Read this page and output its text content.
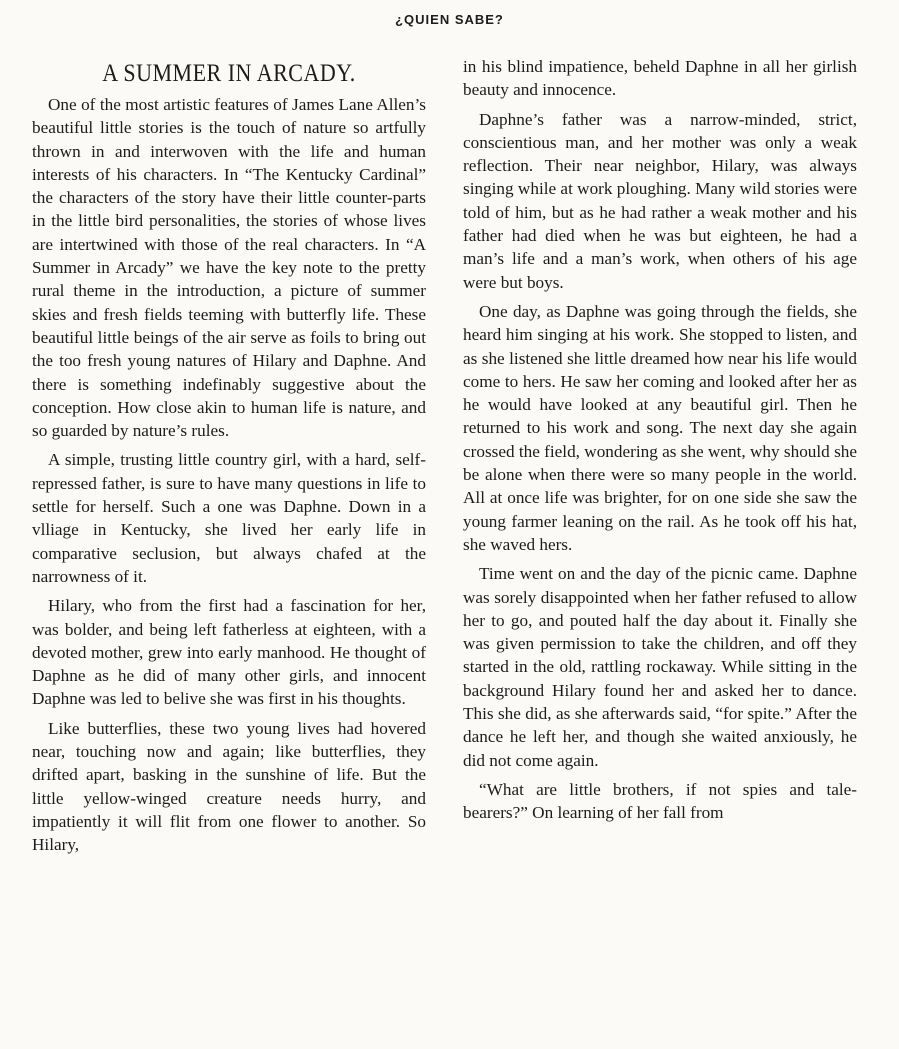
¿QUIEN SABE?
A SUMMER IN ARCADY.

One of the most artistic features of James Lane Allen’s beautiful little stories is the touch of nature so artfully thrown in and interwoven with the life and human interests of his characters. In “The Kentucky Cardinal” the characters of the story have their little counter-parts in the little bird personalities, the stories of whose lives are intertwined with those of the real characters. In “A Summer in Arcady” we have the key note to the pretty rural theme in the introduction, a picture of summer skies and fresh fields teeming with butterfly life. These beautiful little beings of the air serve as foils to bring out the too fresh young natures of Hilary and Daphne. And there is something indefinably suggestive about the conception. How close akin to human life is nature, and so guarded by nature’s rules.

A simple, trusting little country girl, with a hard, self-repressed father, is sure to have many questions in life to settle for herself. Such a one was Daphne. Down in a vlliage in Kentucky, she lived her early life in comparative seclusion, but always chafed at the narrowness of it.

Hilary, who from the first had a fascination for her, was bolder, and being left fatherless at eighteen, with a devoted mother, grew into early manhood. He thought of Daphne as he did of many other girls, and innocent Daphne was led to belive she was first in his thoughts.

Like butterflies, these two young lives had hovered near, touching now and again; like butterflies, they drifted apart, basking in the sunshine of life. But the little yellow-winged creature needs hurry, and impatiently it will flit from one flower to another. So Hilary,

in his blind impatience, beheld Daphne in all her girlish beauty and innocence.

Daphne’s father was a narrow-minded, strict, conscientious man, and her mother was only a weak reflection. Their near neighbor, Hilary, was always singing while at work ploughing. Many wild stories were told of him, but as he had rather a weak mother and his father had died when he was but eighteen, he had a man’s life and a man’s work, when others of his age were but boys.

One day, as Daphne was going through the fields, she heard him singing at his work. She stopped to listen, and as she listened she little dreamed how near his life would come to hers. He saw her coming and looked after her as he would have looked at any beautiful girl. Then he returned to his work and song. The next day she again crossed the field, wondering as she went, why should she be alone when there were so many people in the world. All at once life was brighter, for on one side she saw the young farmer leaning on the rail. As he took off his hat, she waved hers.

Time went on and the day of the picnic came. Daphne was sorely disappointed when her father refused to allow her to go, and pouted half the day about it. Finally she was given permission to take the children, and off they started in the old, rattling rockaway. While sitting in the background Hilary found her and asked her to dance. This she did, as she afterwards said, “for spite.” After the dance he left her, and though she waited anxiously, he did not come again.

“What are little brothers, if not spies and tale-bearers?” On learning of her fall from
